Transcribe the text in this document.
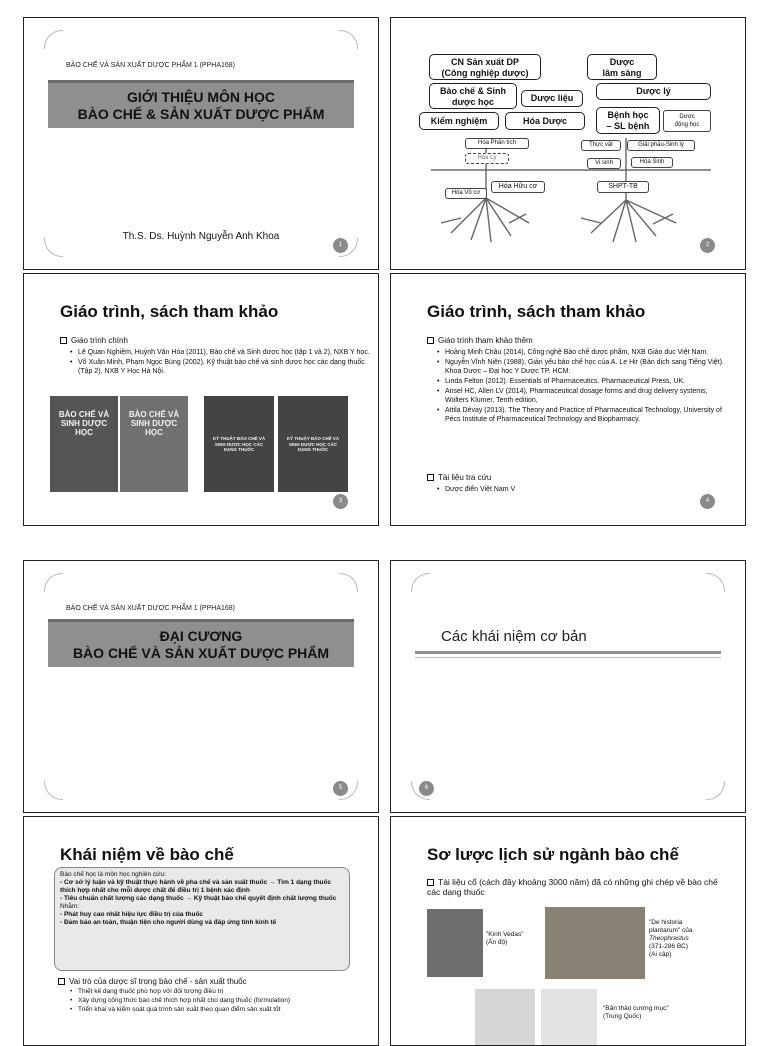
BÀO CHẾ VÀ SẢN XUẤT DƯỢC PHẨM 1 (PPHA168)
GIỚI THIỆU MÔN HỌC
BÀO CHẾ & SẢN XUẤT DƯỢC PHẨM
Th.S. Ds. Huỳnh Nguyễn Anh Khoa
1
CN Sản xuất DP
(Công nghiệp dược)
Dược
lâm sàng
Bào chế & Sinh
dược học	Dược liệu
Dược lý
Kiểm nghiệm	Hóa Dược
Bệnh học
– SL bệnh
Dược
động học
Hóa Phân tích
Hóa Lý
Thực vật	Giải phẫu-Sinh lý
Vi sinh	Hóa Sinh
Hóa Vô cơ
Hóa Hữu cơ	SHPT-TB
2
Giáo trình, sách tham khảo
Giáo trình chính
• Lê Quan Nghiệm, Huỳnh Văn Hóa (2011), Bào chế và Sinh dược học (tập 1 và 2), NXB Y học.
• Võ Xuân Minh, Phạm Ngọc Bùng (2002), Kỹ thuật bào chế và sinh dược học các dạng thuốc (Tập 2), NXB Y Học Hà Nội.
BÀO CHẾ VÀ SINH DƯỢC HỌC
BÀO CHẾ VÀ SINH DƯỢC HỌC
KỸ THUẬT BÀO CHẾ VÀ SINH DƯỢC HỌC CÁC DẠNG THUỐC
KỸ THUẬT BÀO CHẾ VÀ SINH DƯỢC HỌC CÁC DẠNG THUỐC
3
Giáo trình, sách tham khảo
Giáo trình tham khảo thêm
• Hoàng Minh Châu (2014), Công nghệ Bào chế dược phẩm, NXB Giáo dục Việt Nam.
• Nguyễn Vĩnh Niên (1988), Giản yếu bào chế học của A. Le Hir (Bản dịch sang Tiếng Việt). Khoa Dược – Đại học Y Dược TP. HCM.
• Linda Felton (2012). Essentials of Pharmaceutics. Pharmaceutical Press, UK.
• Ansel HC, Allen LV (2014), Pharmaceutical dosage forms and drug delivery systems, Wolters Klumer, Tenth edition,
• Attila Dévay (2013). The Theory and Practice of Pharmaceutical Technology, University of Pécs Institute of Pharmaceutical Technology and Biopharmacy.
Tài liệu tra cứu
• Dược điển Việt Nam V
4
BÀO CHẾ VÀ SẢN XUẤT DƯỢC PHẨM 1 (PPHA168)
ĐẠI CƯƠNG
BÀO CHẾ VÀ SẢN XUẤT DƯỢC PHẨM
5
Các khái niệm cơ bản
6
Khái niệm về bào chế
Bào chế học là môn học nghiên cứu:
- Cơ sở lý luận và kỹ thuật thực hành về pha chế và sản xuất thuốc → Tìm 1 dạng thuốc thích hợp nhất cho mỗi dược chất để điều trị 1 bệnh xác định
- Tiêu chuẩn chất lượng các dạng thuốc → Kỹ thuật bào chế quyết định chất lượng thuốc
Nhằm:
- Phát huy cao nhất hiệu lực điều trị của thuốc
- Đảm bảo an toàn, thuận tiện cho người dùng và đáp ứng tính kinh tế
Vai trò của dược sĩ trong bào chế - sản xuất thuốc
• Thiết kế dạng thuốc phù hợp với đối tượng điều trị
• Xây dựng công thức bào chế thích hợp nhất cho dạng thuốc (formulation)
• Triển khai và kiểm soát quá trình sản xuất theo quan điểm sản xuất tốt
Sơ lược lịch sử ngành bào chế
Tài liệu cổ (cách đây khoảng 3000 năm) đã có những ghi chép về bào chế các dạng thuốc
"Kinh Vedas"
(Ấn độ)
"De historia
plantarum" của
Theophrastus
(371-286 BC)
(Ai cập)
"Bản thảo cương mục"
(Trung Quốc)
